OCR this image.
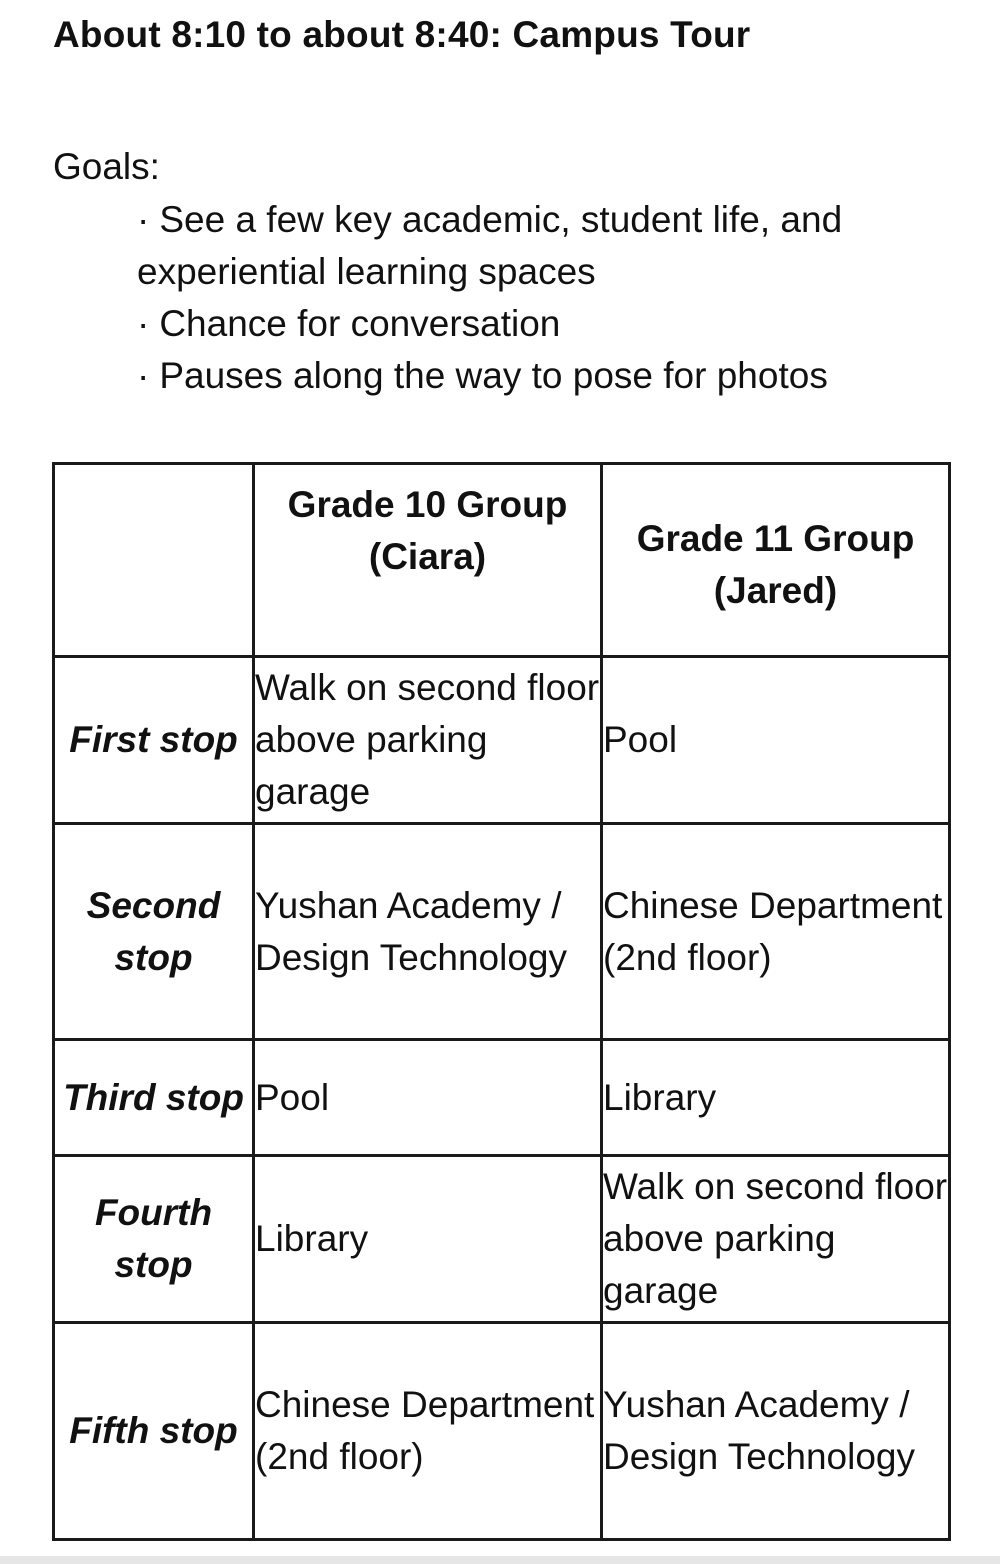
About 8:10 to about 8:40: Campus Tour
Goals:
· See a few key academic, student life, and experiential learning spaces
· Chance for conversation
· Pauses along the way to pose for photos
	Grade 10 Group (Ciara)	Grade 11 Group (Jared)
First stop	Walk on second floor above parking garage	Pool
Second stop	Yushan Academy / Design Technology	Chinese Department (2nd floor)
Third stop	Pool	Library
Fourth stop	Library	Walk on second floor above parking garage
Fifth stop	Chinese Department (2nd floor)	Yushan Academy / Design Technology
